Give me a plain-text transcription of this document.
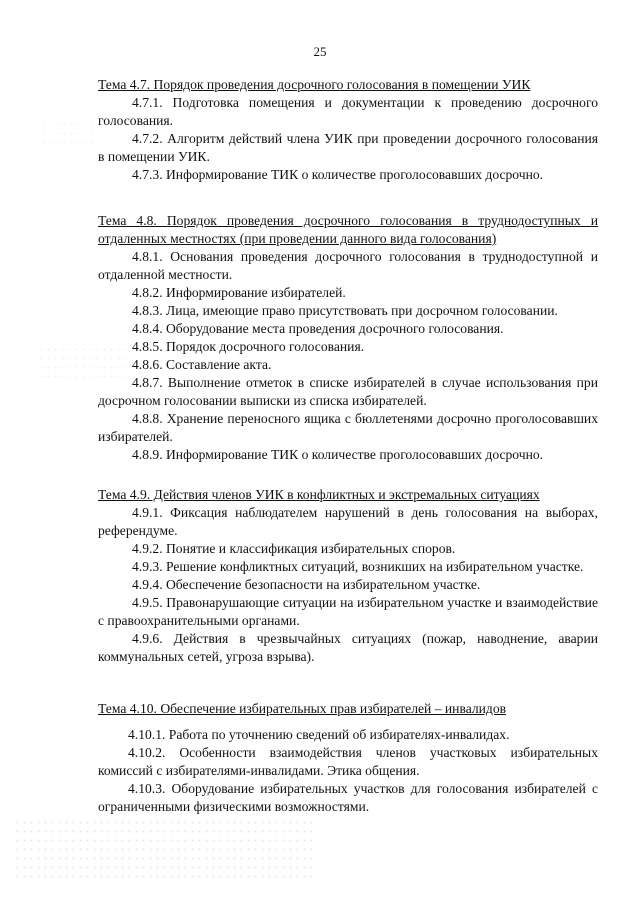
25

Тема 4.7. Порядок проведения досрочного голосования в помещении УИК

4.7.1. Подготовка помещения и документации к проведению досрочного голосования.

4.7.2. Алгоритм действий члена УИК при проведении досрочного голосования в помещении УИК.

4.7.3. Информирование ТИК о количестве проголосовавших досрочно.

Тема 4.8. Порядок проведения досрочного голосования в труднодоступных и отдаленных местностях (при проведении данного вида голосования)

4.8.1. Основания проведения досрочного голосования в труднодоступной и отдаленной местности.

4.8.2. Информирование избирателей.

4.8.3. Лица, имеющие право присутствовать при досрочном голосовании.

4.8.4. Оборудование места проведения досрочного голосования.

4.8.5. Порядок досрочного голосования.

4.8.6. Составление акта.

4.8.7. Выполнение отметок в списке избирателей в случае использования при досрочном голосовании выписки из списка избирателей.

4.8.8. Хранение переносного ящика с бюллетенями досрочно проголосовавших избирателей.

4.8.9. Информирование ТИК о количестве проголосовавших досрочно.

Тема 4.9. Действия членов УИК в конфликтных и экстремальных ситуациях

4.9.1. Фиксация наблюдателем нарушений в день голосования на выборах, референдуме.

4.9.2. Понятие и классификация избирательных споров.

4.9.3. Решение конфликтных ситуаций, возникших на избирательном участке.

4.9.4. Обеспечение безопасности на избирательном участке.

4.9.5. Правонарушающие ситуации на избирательном участке и взаимодействие с правоохранительными органами.

4.9.6. Действия в чрезвычайных ситуациях (пожар, наводнение, аварии коммунальных сетей, угроза взрыва).

Тема 4.10. Обеспечение избирательных прав избирателей – инвалидов

4.10.1. Работа по уточнению сведений об избирателях-инвалидах.

4.10.2. Особенности взаимодействия членов участковых избирательных комиссий с избирателями-инвалидами. Этика общения.

4.10.3. Оборудование избирательных участков для голосования избирателей с ограниченными физическими возможностями.
